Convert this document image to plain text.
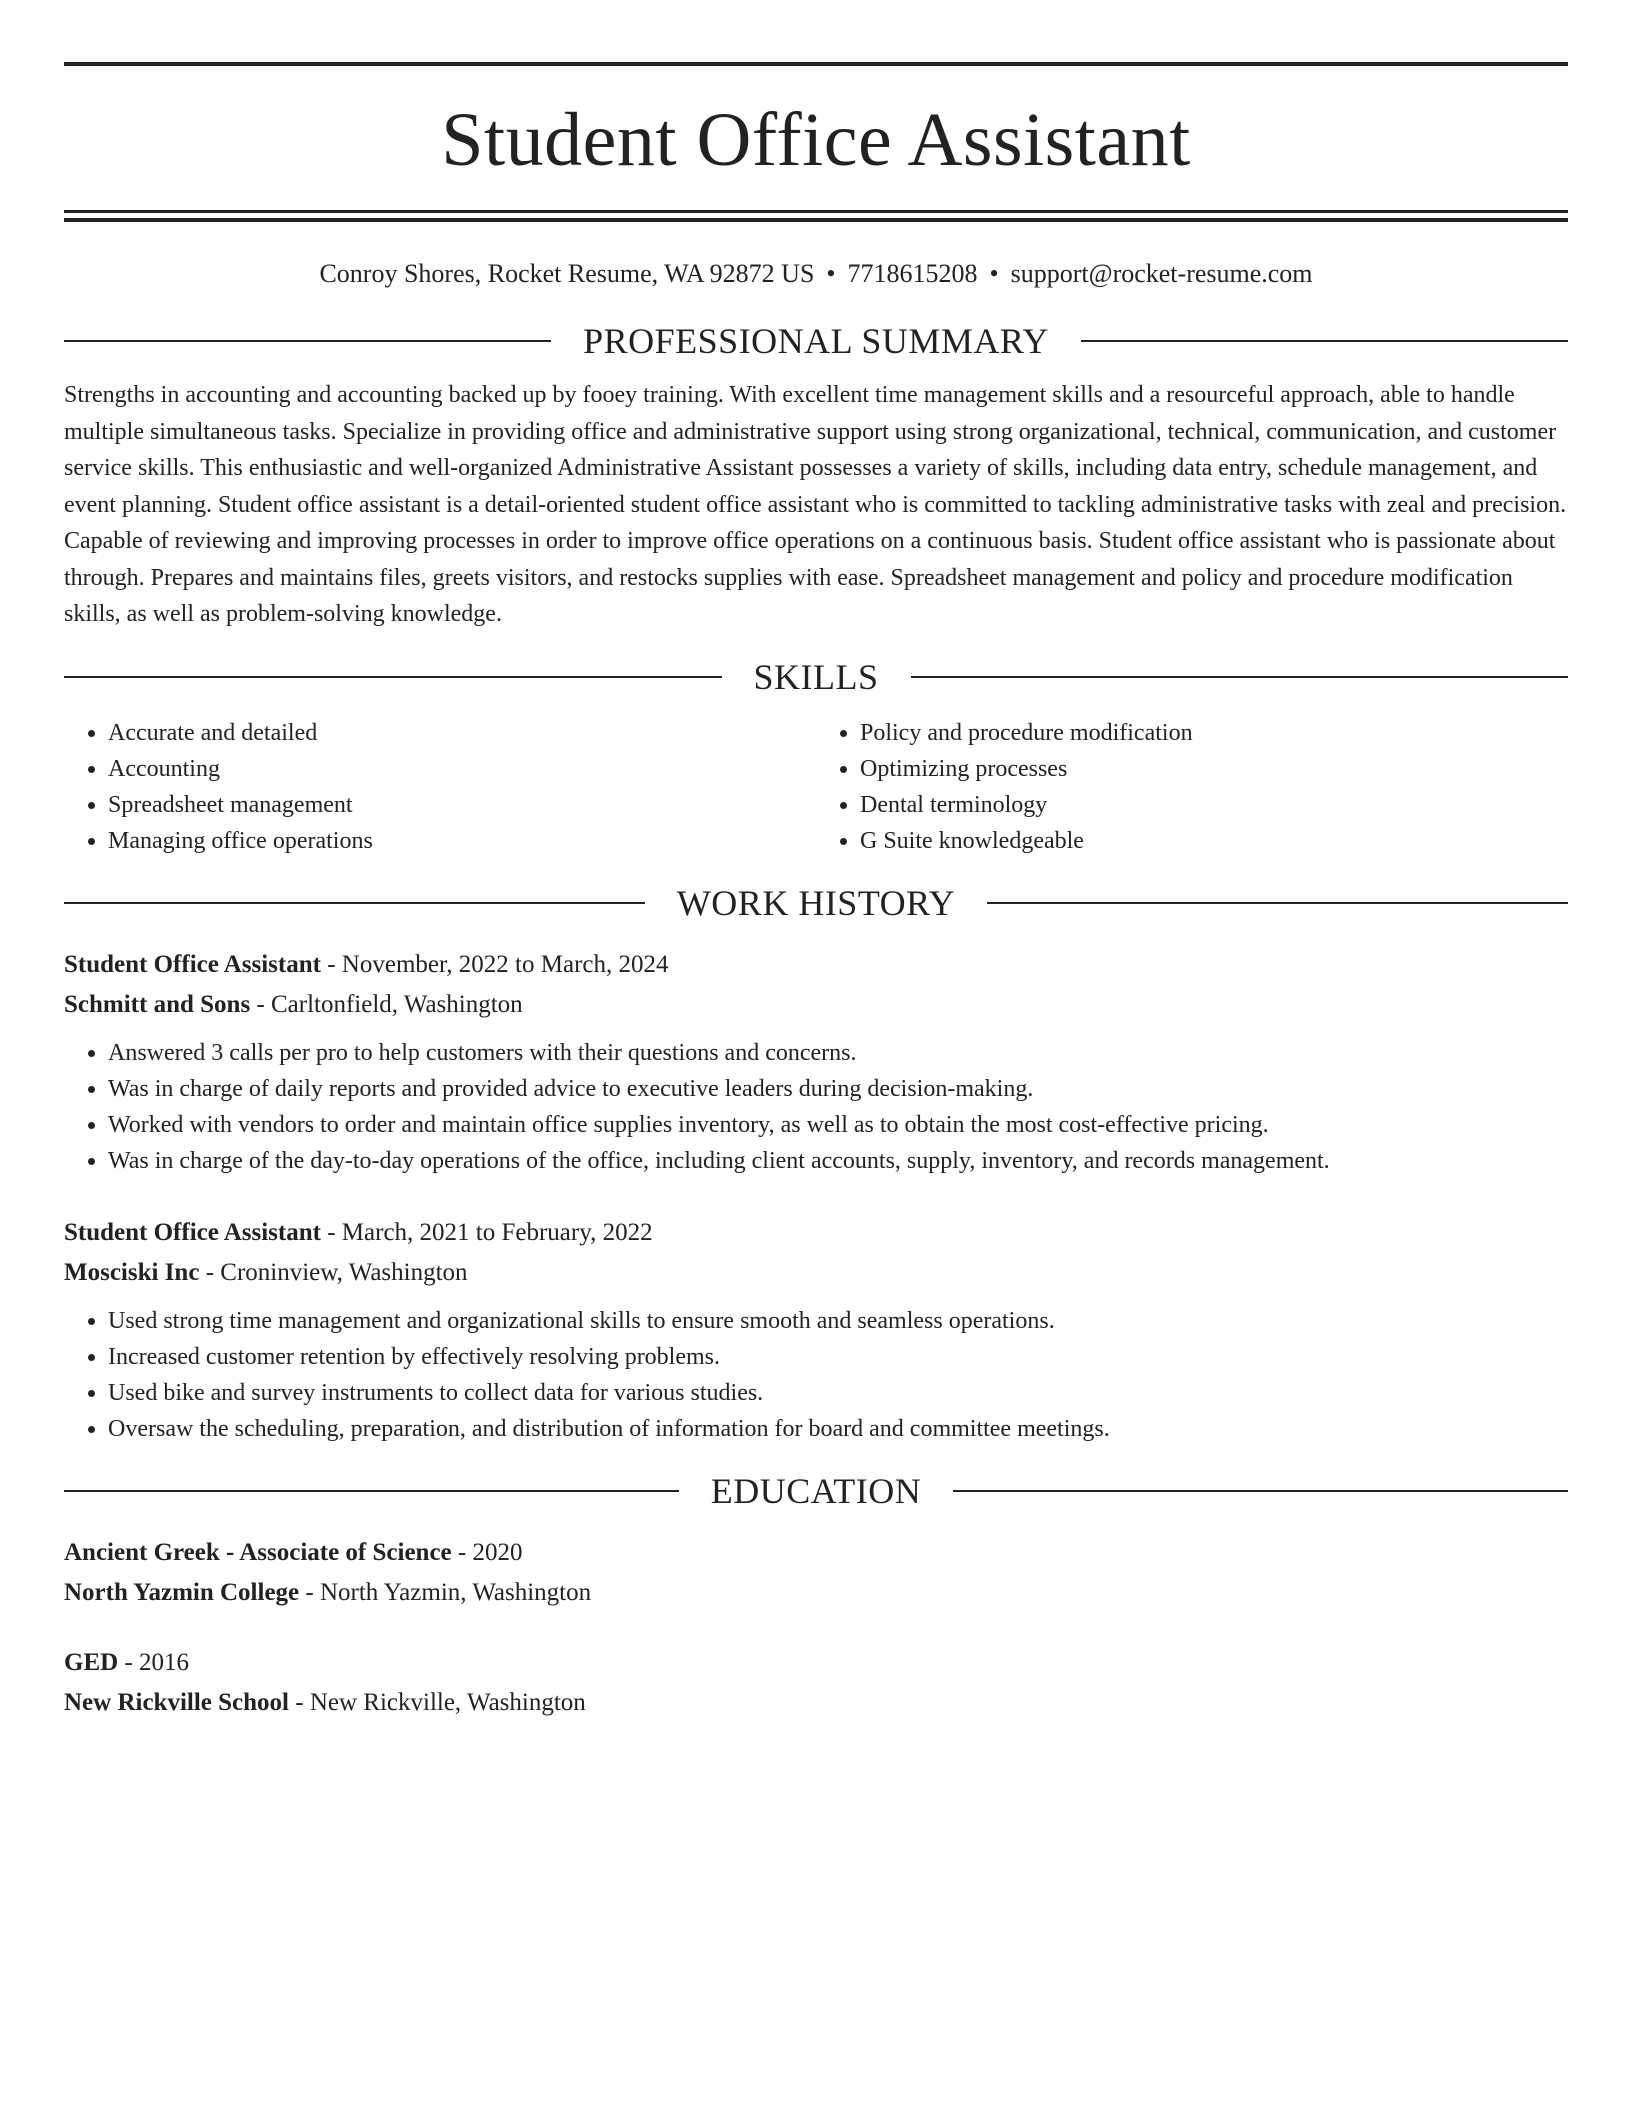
Student Office Assistant
Conroy Shores, Rocket Resume, WA 92872 US • 7718615208 • support@rocket-resume.com
PROFESSIONAL SUMMARY

Strengths in accounting and accounting backed up by fooey training. With excellent time management skills and a resourceful approach, able to handle multiple simultaneous tasks. Specialize in providing office and administrative support using strong organizational, technical, communication, and customer service skills. This enthusiastic and well-organized Administrative Assistant possesses a variety of skills, including data entry, schedule management, and event planning. Student office assistant is a detail-oriented student office assistant who is committed to tackling administrative tasks with zeal and precision. Capable of reviewing and improving processes in order to improve office operations on a continuous basis. Student office assistant who is passionate about through. Prepares and maintains files, greets visitors, and restocks supplies with ease. Spreadsheet management and policy and procedure modification skills, as well as problem-solving knowledge.

SKILLS
• Accurate and detailed
• Accounting
• Spreadsheet management
• Managing office operations
• Policy and procedure modification
• Optimizing processes
• Dental terminology
• G Suite knowledgeable
WORK HISTORY
Student Office Assistant - November, 2022 to March, 2024
Schmitt and Sons - Carltonfield, Washington
• Answered 3 calls per pro to help customers with their questions and concerns.
• Was in charge of daily reports and provided advice to executive leaders during decision-making.
• Worked with vendors to order and maintain office supplies inventory, as well as to obtain the most cost-effective pricing.
• Was in charge of the day-to-day operations of the office, including client accounts, supply, inventory, and records management.
Student Office Assistant - March, 2021 to February, 2022
Mosciski Inc - Croninview, Washington
• Used strong time management and organizational skills to ensure smooth and seamless operations.
• Increased customer retention by effectively resolving problems.
• Used bike and survey instruments to collect data for various studies.
• Oversaw the scheduling, preparation, and distribution of information for board and committee meetings.
EDUCATION
Ancient Greek - Associate of Science - 2020
North Yazmin College - North Yazmin, Washington
GED - 2016
New Rickville School - New Rickville, Washington
